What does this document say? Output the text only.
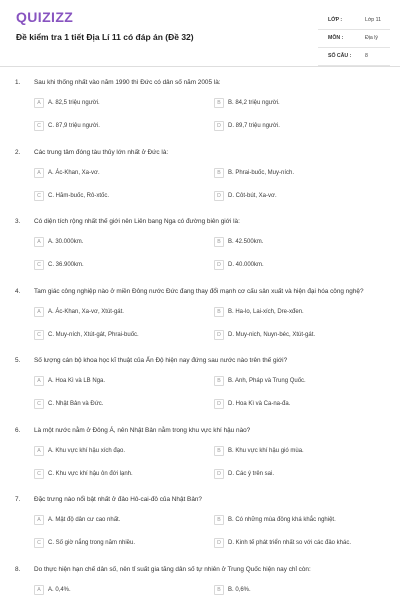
QUIZIZZ
Đề kiểm tra 1 tiết Địa Lí 11 có đáp án (Đề 32)
LỚP :	Lớp 11
MÔN :	Địa lý
SỐ CÂU :	8
1. Sau khi thống nhất vào năm 1990 thì Đức có dân số năm 2005 là:
A	A. 82,5 triệu người.	B	B. 84,2 triệu người.
C	C. 87,9 triệu người.	D	D. 89,7 triệu người.
2. Các trung tâm đóng tàu thủy lớn nhất ở Đức là:
A	A. Ác-Khan, Xa-vơ.	B	B. Phrai-buốc, Muy-ních.
C	C. Hăm-buốc, Rô-xtốc.	D	D. Côt-bút, Xa-vơ.
3. Có diện tích rộng nhất thế giới nên Liên bang Nga có đường biên giới là:
A	A. 30.000km.	B	B. 42.500km.
C	C. 36.900km.	D	D. 40.000km.
4. Tam giác công nghiệp nào ở miền Đông nước Đức đang thay đổi mạnh cơ cấu sản xuất và hiện đại hóa công nghệ?
A	A. Ác-Khan, Xa-vơ, Xtút-gát.	B	B. Ha-lo, Lai-xích, Dre-xđen.
C	C. Muy-ních, Xtút-gát, Phrai-buốc.	D	D. Muy-nich, Nuyn-béc, Xtút-gát.
5. Số lượng cán bộ khoa học kĩ thuật của Ấn Độ hiện nay đứng sau nước nào trên thế giới?
A	A. Hoa Kì và LB Nga.	B	B. Anh, Pháp và Trung Quốc.
C	C. Nhật Bản và Đức.	D	D. Hoa Kì và Ca-na-đa.
6. Là một nước nằm ở Đông Á, nên Nhật Bản nằm trong khu vực khí hậu nào?
A	A. Khu vực khí hậu xích đạo.	B	B. Khu vực khí hậu gió mùa.
C	C. Khu vực khí hậu ôn đới lạnh.	D	D. Các ý trên sai.
7. Đặc trưng nào nổi bật nhất ở đảo Hô-cai-đô của Nhật Bản?
A	A. Mật độ dân cư cao nhất.	B	B. Có những mùa đông khá khắc nghiệt.
C	C. Số giờ nắng trong năm nhiều.	D	D. Kinh tế phát triển nhất so với các đảo khác.
8. Do thực hiện hạn chế dân số, nên tỉ suất gia tăng dân số tự nhiên ở Trung Quốc hiện nay chỉ còn:
A	A. 0,4%.	B	B. 0,6%.
